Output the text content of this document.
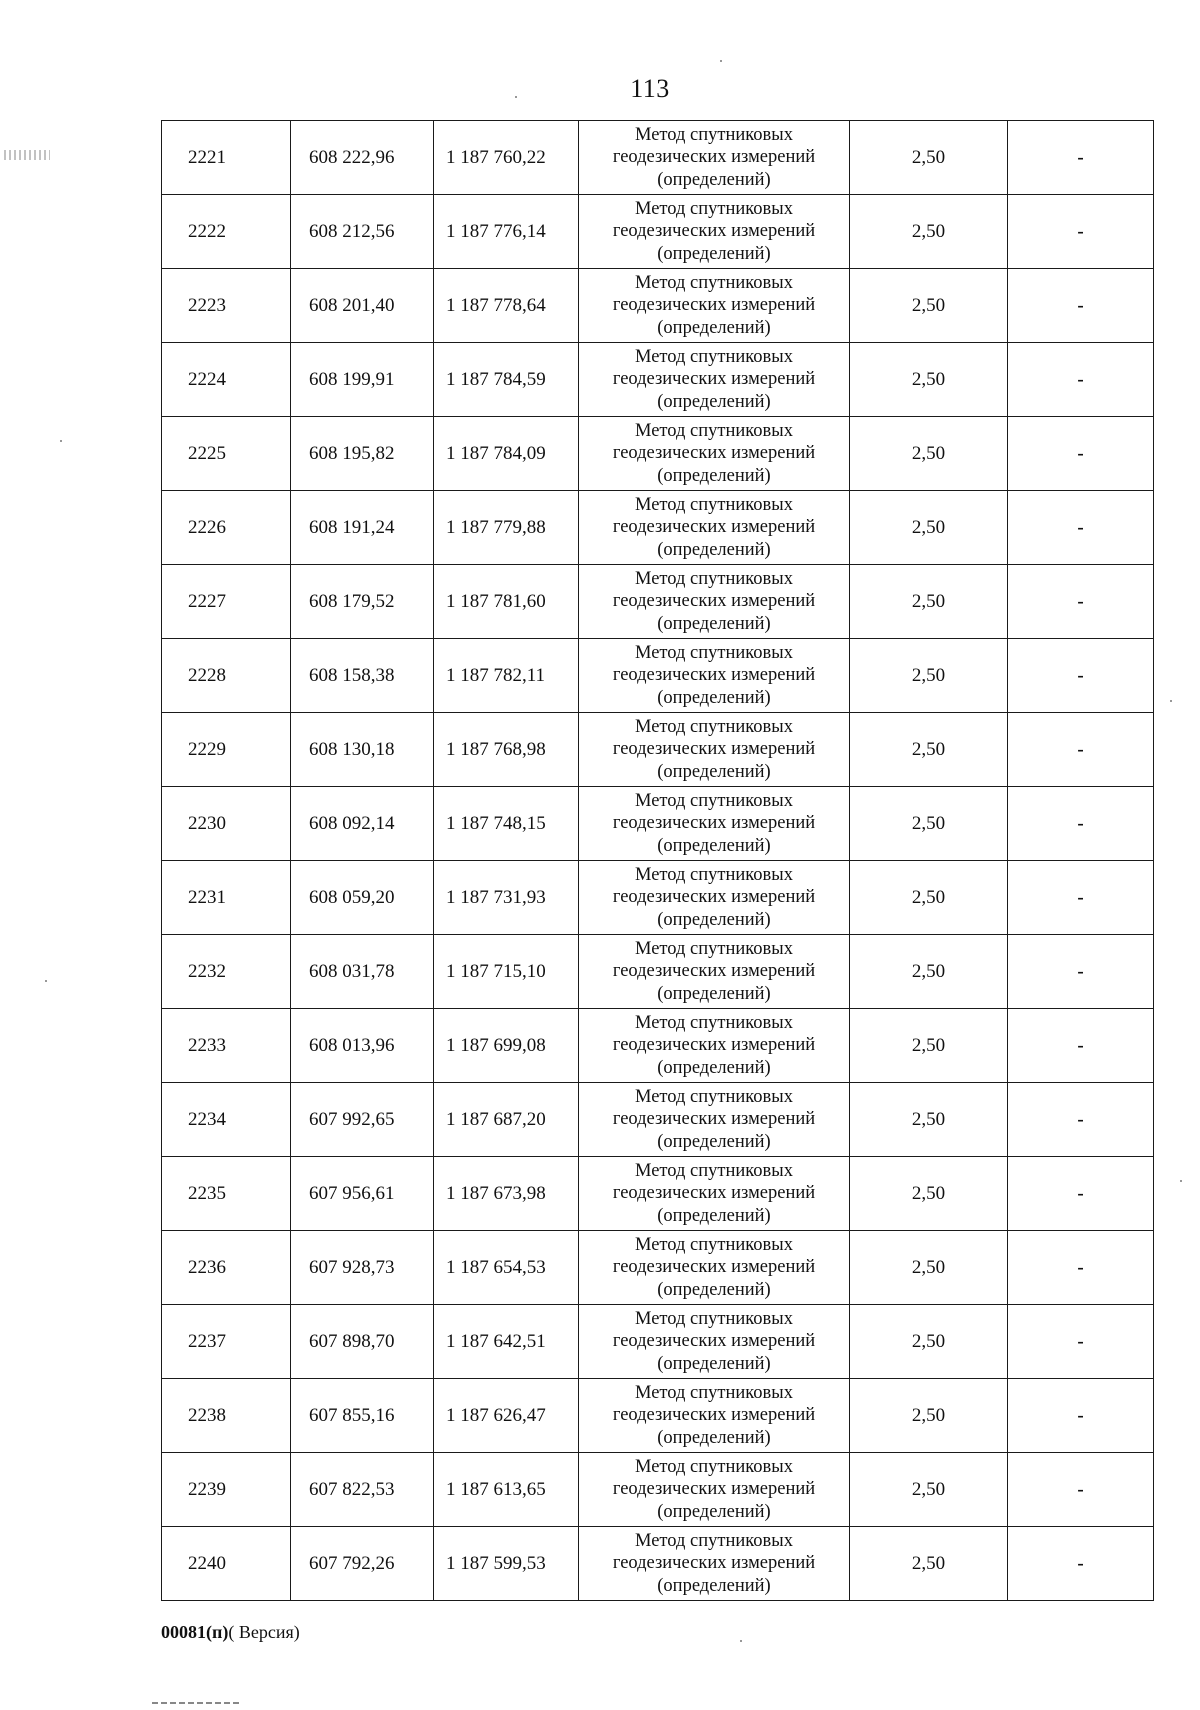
113
2221	608 222,96	1 187 760,22	Метод спутниковых
геодезических измерений
(определений)	2,50	-
2222	608 212,56	1 187 776,14	Метод спутниковых
геодезических измерений
(определений)	2,50	-
2223	608 201,40	1 187 778,64	Метод спутниковых
геодезических измерений
(определений)	2,50	-
2224	608 199,91	1 187 784,59	Метод спутниковых
геодезических измерений
(определений)	2,50	-
2225	608 195,82	1 187 784,09	Метод спутниковых
геодезических измерений
(определений)	2,50	-
2226	608 191,24	1 187 779,88	Метод спутниковых
геодезических измерений
(определений)	2,50	-
2227	608 179,52	1 187 781,60	Метод спутниковых
геодезических измерений
(определений)	2,50	-
2228	608 158,38	1 187 782,11	Метод спутниковых
геодезических измерений
(определений)	2,50	-
2229	608 130,18	1 187 768,98	Метод спутниковых
геодезических измерений
(определений)	2,50	-
2230	608 092,14	1 187 748,15	Метод спутниковых
геодезических измерений
(определений)	2,50	-
2231	608 059,20	1 187 731,93	Метод спутниковых
геодезических измерений
(определений)	2,50	-
2232	608 031,78	1 187 715,10	Метод спутниковых
геодезических измерений
(определений)	2,50	-
2233	608 013,96	1 187 699,08	Метод спутниковых
геодезических измерений
(определений)	2,50	-
2234	607 992,65	1 187 687,20	Метод спутниковых
геодезических измерений
(определений)	2,50	-
2235	607 956,61	1 187 673,98	Метод спутниковых
геодезических измерений
(определений)	2,50	-
2236	607 928,73	1 187 654,53	Метод спутниковых
геодезических измерений
(определений)	2,50	-
2237	607 898,70	1 187 642,51	Метод спутниковых
геодезических измерений
(определений)	2,50	-
2238	607 855,16	1 187 626,47	Метод спутниковых
геодезических измерений
(определений)	2,50	-
2239	607 822,53	1 187 613,65	Метод спутниковых
геодезических измерений
(определений)	2,50	-
2240	607 792,26	1 187 599,53	Метод спутниковых
геодезических измерений
(определений)	2,50	-
00081(п)( Версия)
